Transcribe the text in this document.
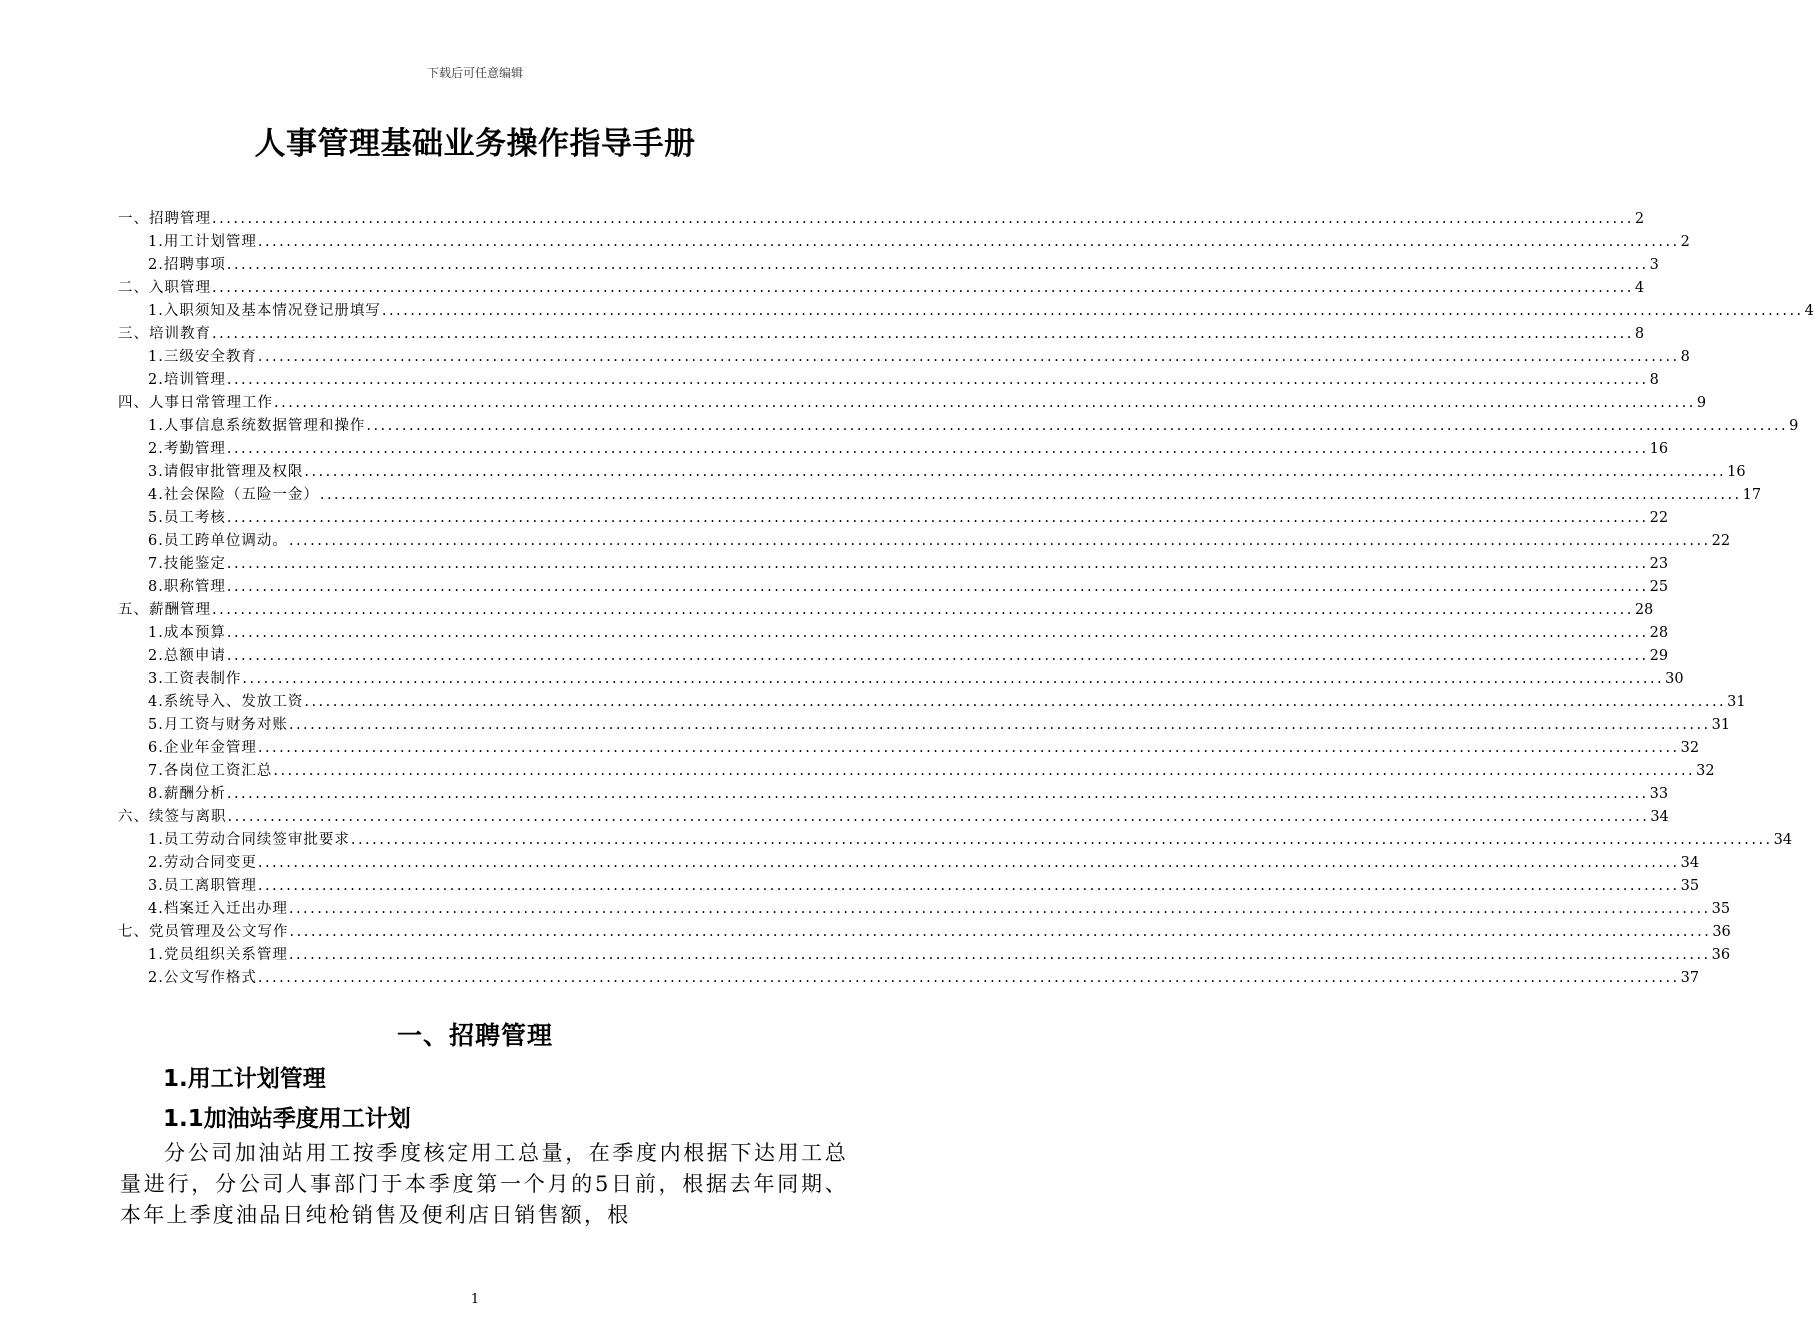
下载后可任意编辑
人事管理基础业务操作指导手册
一、招聘管理 ........................................................................................................................................................................................................ 2
1.用工计划管理 ........................................................................................................................................................................................................ 2
2.招聘事项 ........................................................................................................................................................................................................ 3
二、入职管理 ........................................................................................................................................................................................................ 4
1.入职须知及基本情况登记册填写 ........................................................................................................................................................................................................ 4
三、培训教育 ........................................................................................................................................................................................................ 8
1.三级安全教育 ........................................................................................................................................................................................................ 8
2.培训管理 ........................................................................................................................................................................................................ 8
四、人事日常管理工作 ........................................................................................................................................................................................................ 9
1.人事信息系统数据管理和操作 ........................................................................................................................................................................................................ 9
2.考勤管理 ........................................................................................................................................................................................................ 16
3.请假审批管理及权限 ........................................................................................................................................................................................................ 16
4.社会保险（五险一金） ........................................................................................................................................................................................................ 17
5.员工考核 ........................................................................................................................................................................................................ 22
6.员工跨单位调动。 ........................................................................................................................................................................................................ 22
7.技能鉴定 ........................................................................................................................................................................................................ 23
8.职称管理 ........................................................................................................................................................................................................ 25
五、薪酬管理 ........................................................................................................................................................................................................ 28
1.成本预算 ........................................................................................................................................................................................................ 28
2.总额申请 ........................................................................................................................................................................................................ 29
3.工资表制作 ........................................................................................................................................................................................................ 30
4.系统导入、发放工资 ........................................................................................................................................................................................................ 31
5.月工资与财务对账 ........................................................................................................................................................................................................ 31
6.企业年金管理 ........................................................................................................................................................................................................ 32
7.各岗位工资汇总 ........................................................................................................................................................................................................ 32
8.薪酬分析 ........................................................................................................................................................................................................ 33
六、续签与离职 ........................................................................................................................................................................................................ 34
1.员工劳动合同续签审批要求 ........................................................................................................................................................................................................ 34
2.劳动合同变更 ........................................................................................................................................................................................................ 34
3.员工离职管理 ........................................................................................................................................................................................................ 35
4.档案迁入迁出办理 ........................................................................................................................................................................................................ 35
七、党员管理及公文写作 ........................................................................................................................................................................................................ 36
1.党员组织关系管理 ........................................................................................................................................................................................................ 36
2.公文写作格式 ........................................................................................................................................................................................................ 37
一、招聘管理
1.用工计划管理
1.1加油站季度用工计划
分公司加油站用工按季度核定用工总量，在季度内根据下达用工总量进行，分公司人事部门于本季度第一个月的5日前，根据去年同期、本年上季度油品日纯枪销售及便利店日销售额，根
1
